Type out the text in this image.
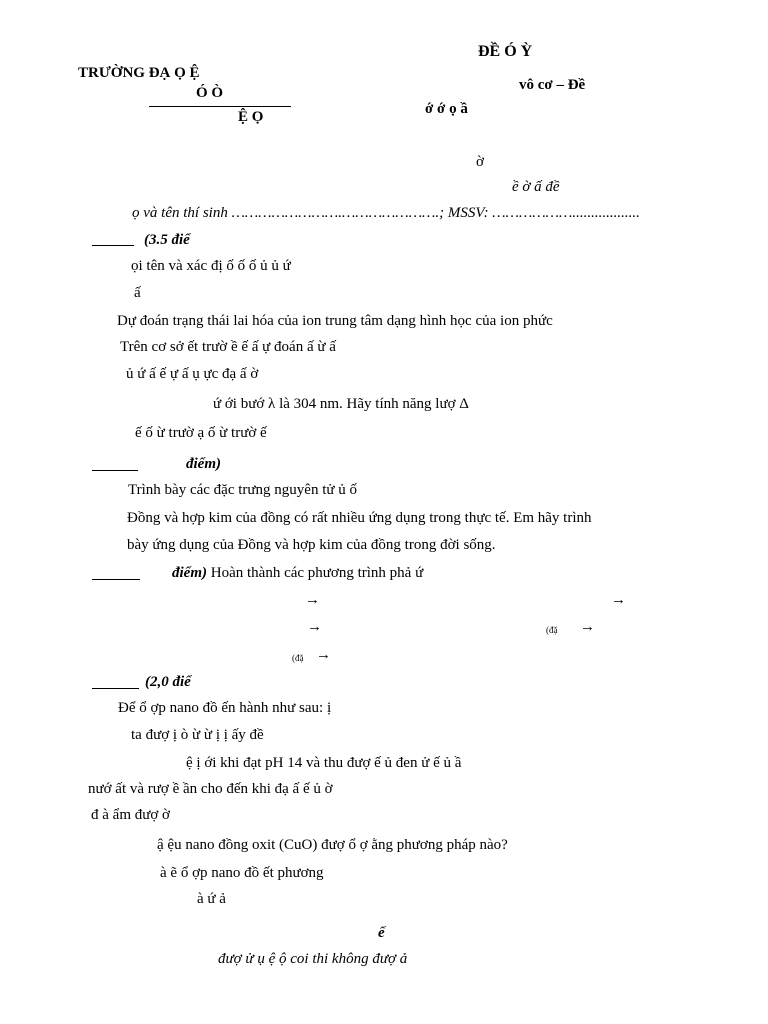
TRƯỜNG ĐẠ Ọ Ệ
Ó Ò
Ệ Ọ
ĐỀ Ó Ỳ
vô cơ – Đề
ớ ớ ọ ầ
ờ
ề ờ ấ đề
ọ và tên thí sinh …………………….………………….; MSSV: ………………..................
(3.5 điể
ọi tên và xác đị ố ố ố ủ ủ ứ
ấ
Dự đoán trạng thái lai hóa của ion trung tâm dạng hình học của ion phức
Trên cơ sở ết trườ ề ế ấ ự đoán ấ ừ ấ
ủ ứ ấ ế ự ấ ụ ực đạ ấ ờ
ứ ới bướ λ là 304 nm. Hãy tính năng lượ Δ
ế ố ừ trườ ạ ố ừ trườ ế
điểm)
Trình bày các đặc trưng nguyên tử ủ ố
Đồng và hợp kim của đồng có rất nhiều ứng dụng trong thực tế. Em hãy trình
bày ứng dụng của Đồng và hợp kim của đồng trong đời sống.
điểm) Hoàn thành các phương trình phả ứ
→	→
→	(đặ →
(đặ →
(2,0 điể
Để ổ ợp nano đồ ến hành như sau: ị
ta đượ ị ò ừ ừ ị ị ấy đề
ệ ị ới khi đạt pH 14 và thu đượ ế ủ đen ử ế ủ ầ
nướ ất và rượ ề ần cho đến khi đạ ấ ế ủ ờ
đ à ẩm đượ ờ
ậ ệu nano đồng oxit (CuO) đượ ổ ợ ằng phương pháp nào?
à ẽ ổ ợp nano đồ ết phương
à ứ ả
ế
đượ ử ụ ệ ộ coi thi không đượ ả
